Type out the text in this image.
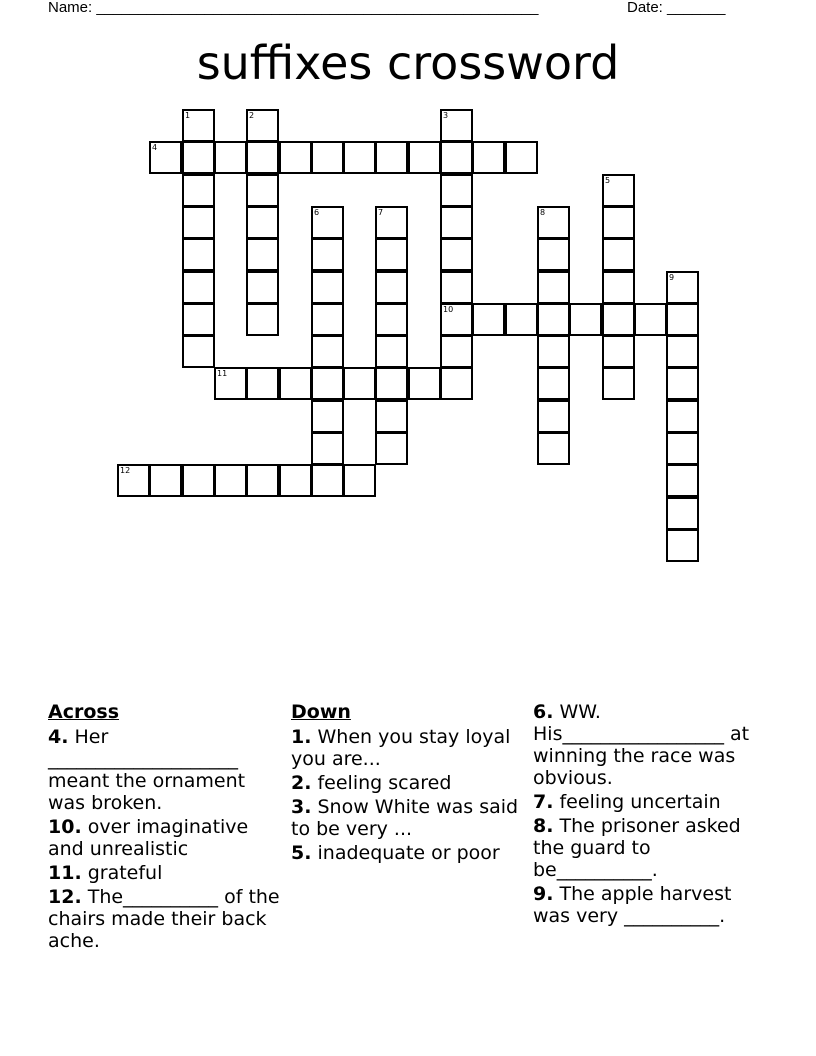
Name: _____________________________________________________	Date: _______
suffixes crossword
1	2	3
10
4
5
6	7	8
9
11
12
Across
4. Her ____________________ meant the ornament was broken.
10. over imaginative and unrealistic
11. grateful
12. The__________ of the chairs made their back ache.
Down
1. When you stay loyal you are...
2. feeling scared
3. Snow White was said to be very ...
5. inadequate or poor
6. WW. His_________________ at winning the race was obvious.
7. feeling uncertain
8. The prisoner asked the guard to be__________.
9. The apple harvest was very __________.
